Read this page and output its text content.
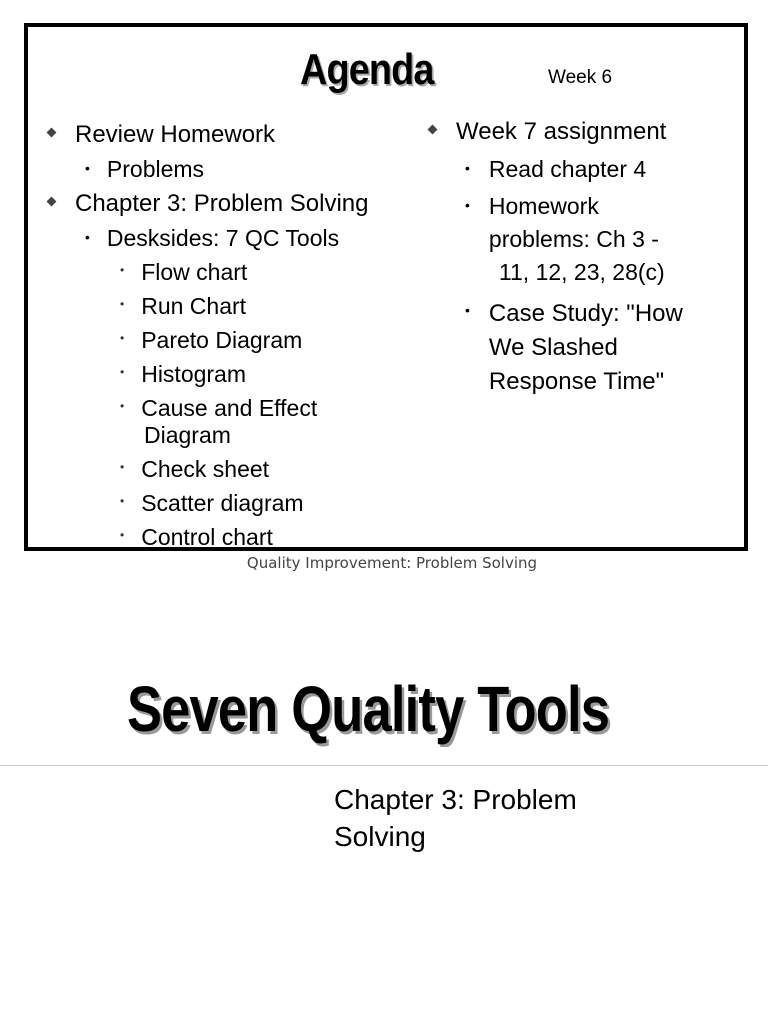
Agenda	Week 6
Review Homework
• Problems
Chapter 3: Problem Solving
• Desksides: 7 QC Tools
• Flow chart
• Run Chart
• Pareto Diagram
• Histogram
• Cause and Effect
Diagram
• Check sheet
• Scatter diagram
• Control chart
Week 7 assignment
• Read chapter 4
• Homework
problems: Ch 3 -
11, 12, 23, 28(c)
• Case Study: "How
We Slashed
Response Time"
Quality Improvement: Problem Solving
Seven Quality Tools
Chapter 3: Problem
Solving
